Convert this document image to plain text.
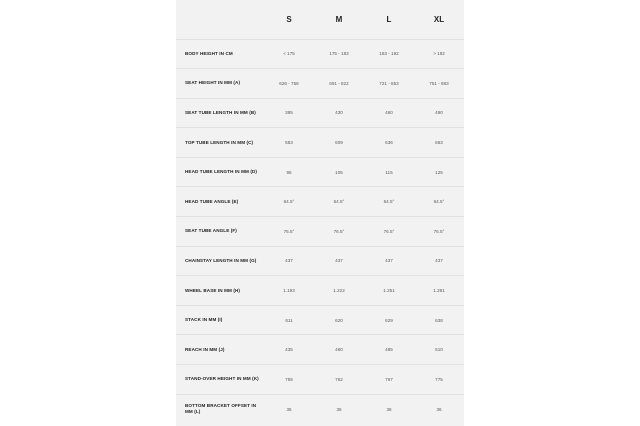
	S	M	L	XL
BODY HEIGHT IN CM	< 175	175 - 183	183 - 192	> 192
SEAT HEIGHT IN MM (A)	626 - 758	691 - 822	721 - 853	751 - 883
SEAT TUBE LENGTH IN MM (B)	395	430	460	490
TOP TUBE LENGTH IN MM (C)	583	609	636	663
HEAD TUBE LENGTH IN MM (D)	95	105	115	125
HEAD TUBE ANGLE (E)	64.5°	64.5°	64.5°	64.5°
SEAT TUBE ANGLE (F)	76.5°	76.5°	76.5°	76.5°
CHAINSTAY LENGTH IN MM (G)	437	437	437	437
WHEEL BASE IN MM (H)	1.193	1.222	1.251	1.281
STACK IN MM (I)	611	620	629	638
REACH IN MM (J)	435	460	485	510
STAND-OVER HEIGHT IN MM (K)	755	762	767	775
BOTTOM BRACKET OFFSET IN MM (L)	36	36	36	36
